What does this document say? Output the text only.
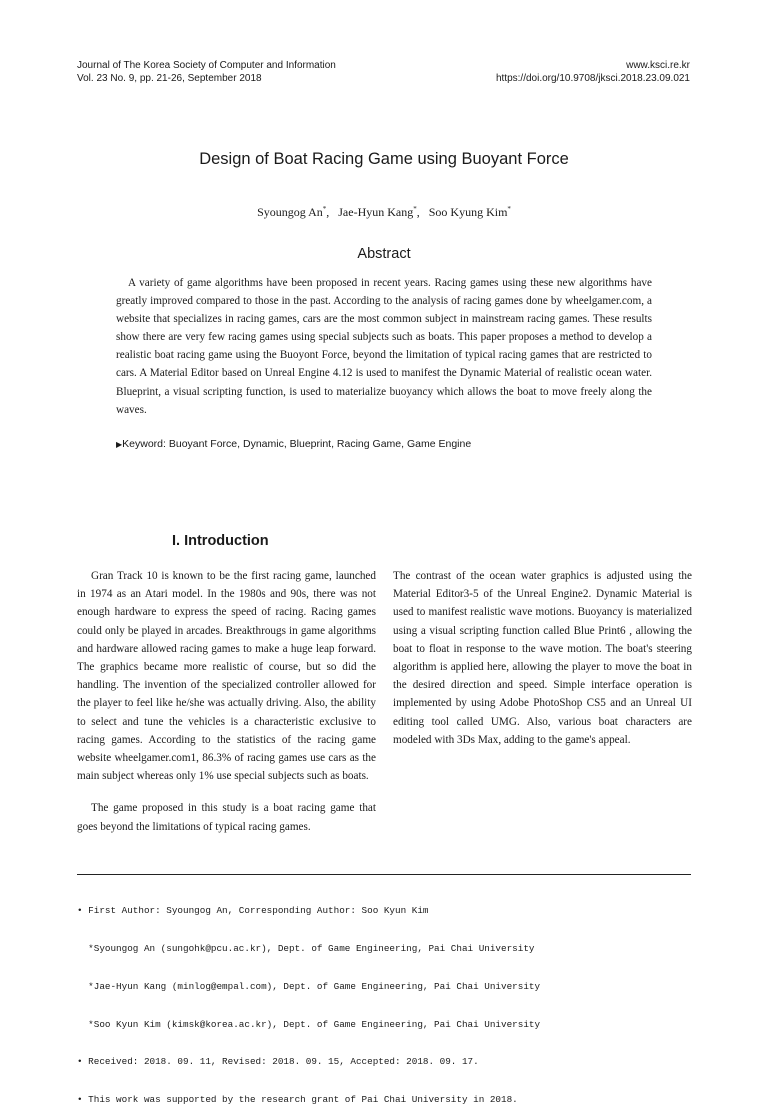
Journal of The Korea Society of Computer and Information
Vol. 23 No. 9, pp. 21-26, September 2018
www.ksci.re.kr
https://doi.org/10.9708/jksci.2018.23.09.021
Design of Boat Racing Game using Buoyant Force
Syoungog An*,   Jae-Hyun Kang*,   Soo Kyung Kim*
Abstract

A variety of game algorithms have been proposed in recent years. Racing games using these new algorithms have greatly improved compared to those in the past. According to the analysis of racing games done by wheelgamer.com, a website that specializes in racing games, cars are the most common subject in mainstream racing games. These results show there are very few racing games using special subjects such as boats. This paper proposes a method to develop a realistic boat racing game using the Buoyont Force, beyond the limitation of typical racing games that are restricted to cars. A Material Editor based on Unreal Engine 4.12 is used to manifest the Dynamic Material of realistic ocean water. Blueprint, a visual scripting function, is used to materialize buoyancy which allows the boat to move freely along the waves.

▶Keyword: Buoyant Force, Dynamic, Blueprint, Racing Game, Game Engine
I. Introduction

Gran Track 10 is known to be the first racing game, launched in 1974 as an Atari model. In the 1980s and 90s, there was not enough hardware to express the speed of racing. Racing games could only be played in arcades. Breakthrougs in game algorithms and hardware allowed racing games to make a huge leap forward. The graphics became more realistic of course, but so did the handling. The invention of the specialized controller allowed for the player to feel like he/she was actually driving. Also, the ability to select and tune the vehicles is a characteristic exclusive to racing games. According to the statistics of the racing game website wheelgamer.com1, 86.3% of racing games use cars as the main subject whereas only 1% use special subjects such as boats.

The game proposed in this study is a boat racing game that goes beyond the limitations of typical racing games.

The contrast of the ocean water graphics is adjusted using the Material Editor3-5 of the Unreal Engine2. Dynamic Material is used to manifest realistic wave motions. Buoyancy is materialized using a visual scripting function called Blue Print6 , allowing the boat to float in response to the wave motion. The boat's steering algorithm is applied here, allowing the player to move the boat in the desired direction and speed. Simple interface operation is implemented by using Adobe PhotoShop CS5 and an Unreal UI editing tool called UMG. Also, various boat characters are modeled with 3Ds Max, adding to the game's appeal.

• First Author: Syoungog An, Corresponding Author: Soo Kyun Kim

*Syoungog An (sungohk@pcu.ac.kr), Dept. of Game Engineering, Pai Chai University

*Jae-Hyun Kang (minlog@empal.com), Dept. of Game Engineering, Pai Chai University

*Soo Kyun Kim (kimsk@korea.ac.kr), Dept. of Game Engineering, Pai Chai University

• Received: 2018. 09. 11, Revised: 2018. 09. 15, Accepted: 2018. 09. 17.

• This work was supported by the research grant of Pai Chai University in 2018.
